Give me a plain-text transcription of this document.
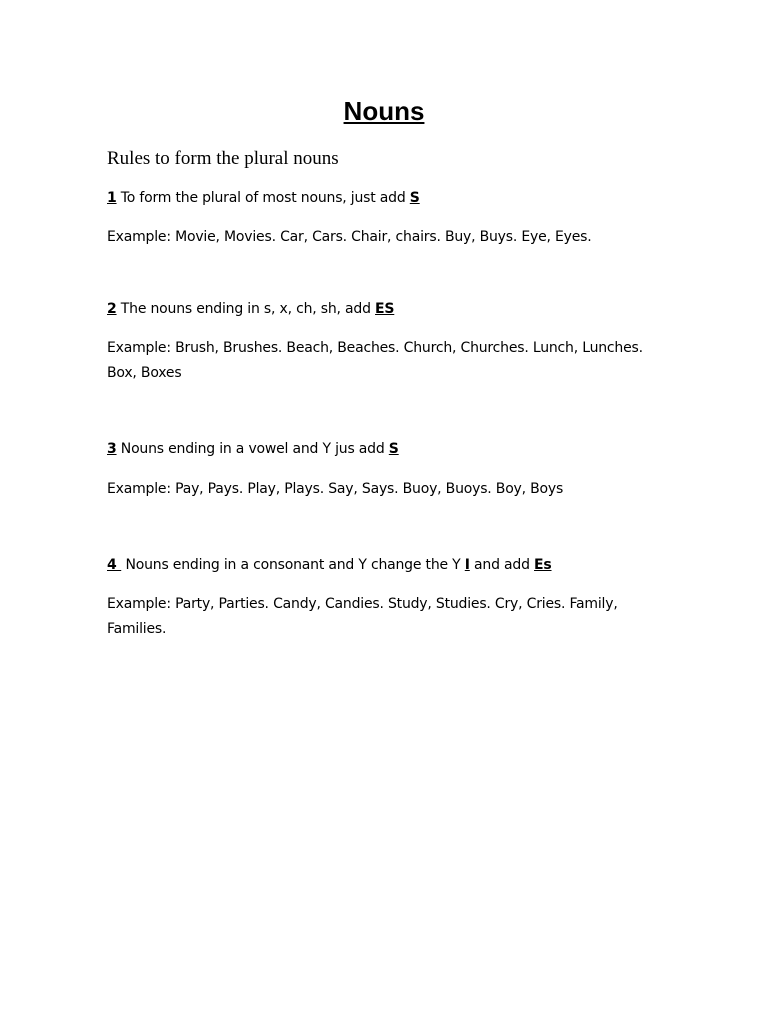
Nouns
Rules to form the plural nouns
1 To form the plural of most nouns, just add S
Example: Movie, Movies. Car, Cars. Chair, chairs. Buy, Buys. Eye, Eyes.
2 The nouns ending in s, x, ch, sh, add ES
Example: Brush, Brushes. Beach, Beaches. Church, Churches. Lunch, Lunches.
Box, Boxes
3 Nouns ending in a vowel and Y jus add S
Example: Pay, Pays. Play, Plays. Say, Says. Buoy, Buoys. Boy, Boys
4  Nouns ending in a consonant and Y change the Y I and add Es
Example: Party, Parties. Candy, Candies. Study, Studies. Cry, Cries. Family,
Families.
